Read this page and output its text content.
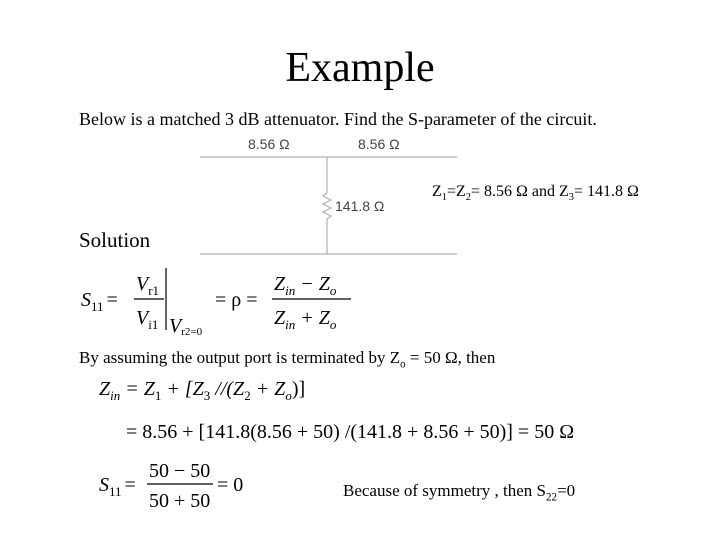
Example
Below is a matched 3 dB attenuator. Find the S-parameter of the circuit.
8.56 Ω	8.56 Ω
141.8 Ω
$Z_1=Z_2= 8.56$ Ω and $Z_3= 141.8$ Ω
Solution
$S_{11}$ =
$V_{r1}$
$V_{i1}$ Vr2=0
= ρ =
$Z_{in} - Z_o$
$Z_{in} + Z_o$
By assuming the output port is terminated by $Z_o = 50$ Ω, then
$Z_{in} = Z_1 + [Z_3$ $//(Z_2 + Z_o)$]
= 8.56 + [141.8(8.56 + 50) /(141.8 + 8.56 + 50)] = 50 Ω
$S_{11}$ =
50 − 50
50 + 50
= 0	Because of symmetry , then $S_{22}=0$
